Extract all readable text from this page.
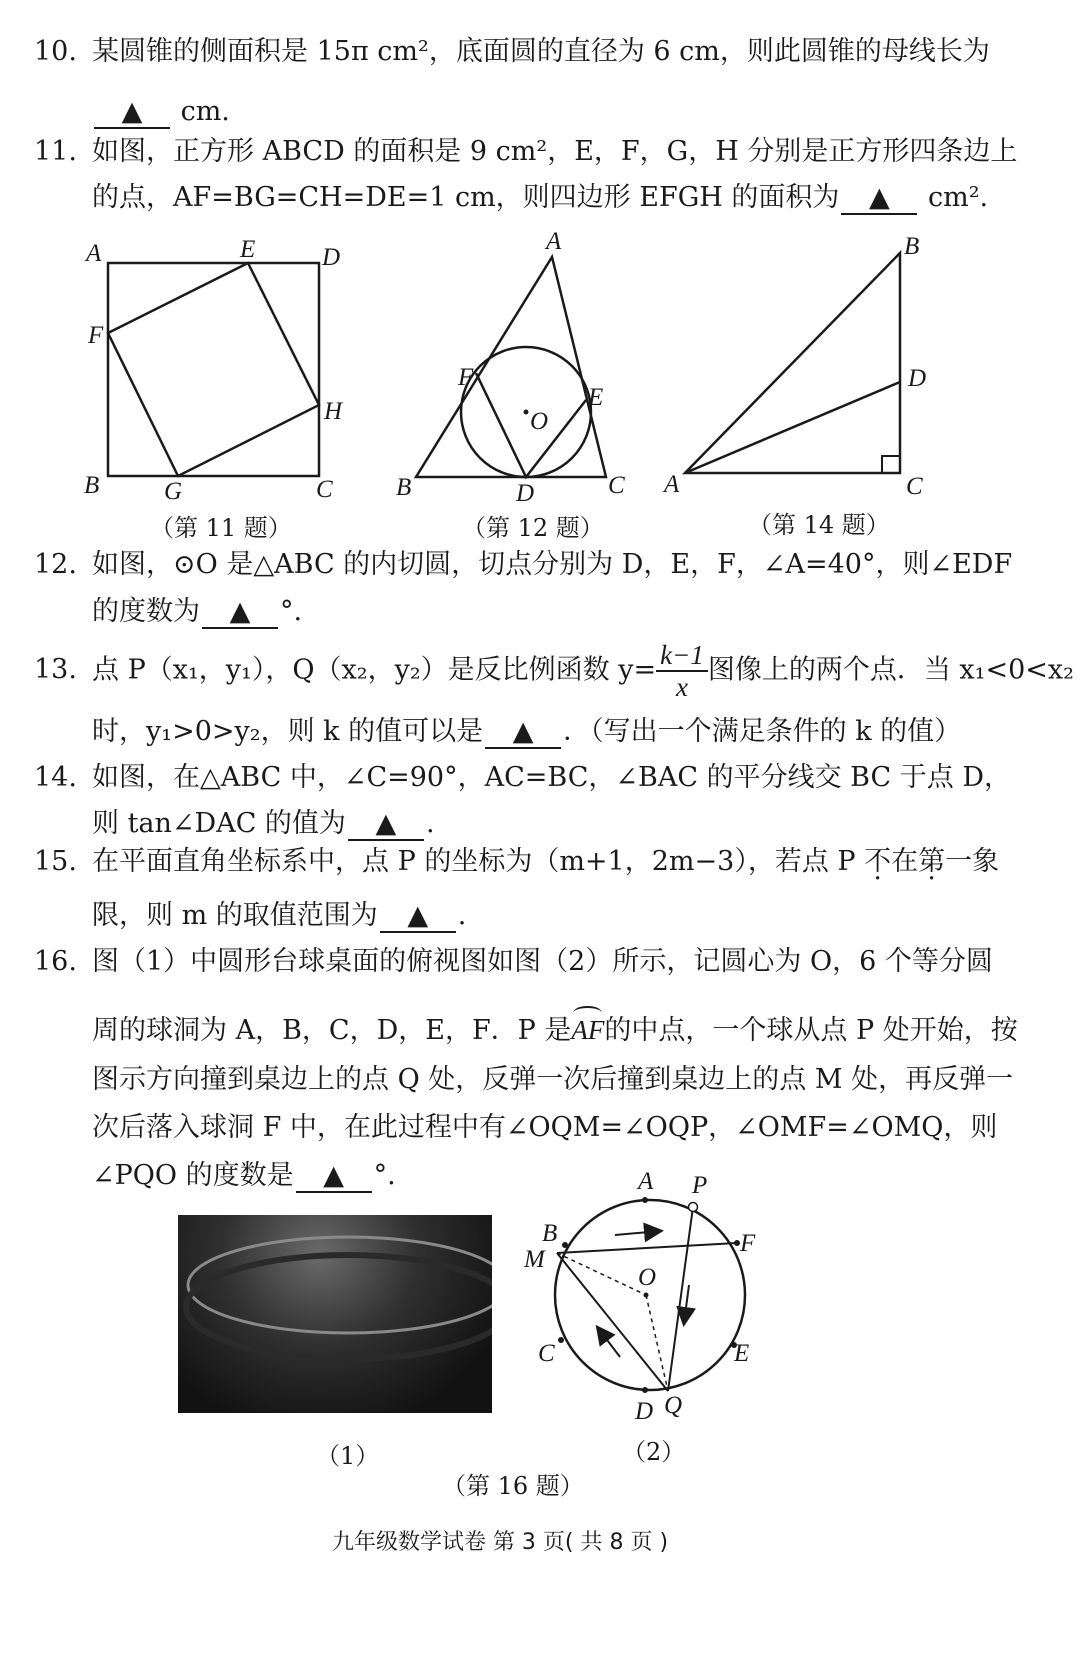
10. 某圆锥的侧面积是 15π cm²，底面圆的直径为 6 cm，则此圆锥的母线长为
▲ cm.
11. 如图，正方形 ABCD 的面积是 9 cm²，E，F，G，H 分别是正方形四条边上
的点，AF=BG=CH=DE=1 cm，则四边形 EFGH 的面积为 ▲ cm².
A	E	D
F
H
B	G	C
（第 11 题）
A
F
E
O
B	D	C
（第 12 题）
B
D
A	C
（第 14 题）
12. 如图，⊙O 是△ABC 的内切圆，切点分别为 D，E，F，∠A=40°，则∠EDF
的度数为 ▲ °.
13. 点 P（x₁，y₁），Q（x₂，y₂）是反比例函数 $y= \frac{k-1}{x}$ 图像上的两个点．当 x₁<0<x₂
时，y₁>0>y₂，则 k 的值可以是 ▲ ．（写出一个满足条件的 k 的值）
14. 如图，在△ABC 中，∠C=90°，AC=BC，∠BAC 的平分线交 BC 于点 D，
则 tan∠DAC 的值为 ▲ .
15. 在平面直角坐标系中，点 P 的坐标为（m+1，2m−3），若点 P 不在第一象
限，则 m 的取值范围为 ▲ .
16. 图（1）中圆形台球桌面的俯视图如图（2）所示，记圆心为 O，6 个等分圆
周的球洞为 A，B，C，D，E，F．P 是AF的中点，一个球从点 P 处开始，按
图示方向撞到桌边上的点 Q 处，反弹一次后撞到桌边上的点 M 处，再反弹一
次后落入球洞 F 中，在此过程中有∠OQM=∠OQP，∠OMF=∠OMQ，则
∠PQO 的度数是 ▲ °.
（1）
A P
B
M
F
O
C	E
D Q
（2）
（第 16 题）
九年级数学试卷 第 3 页( 共 8 页 )
